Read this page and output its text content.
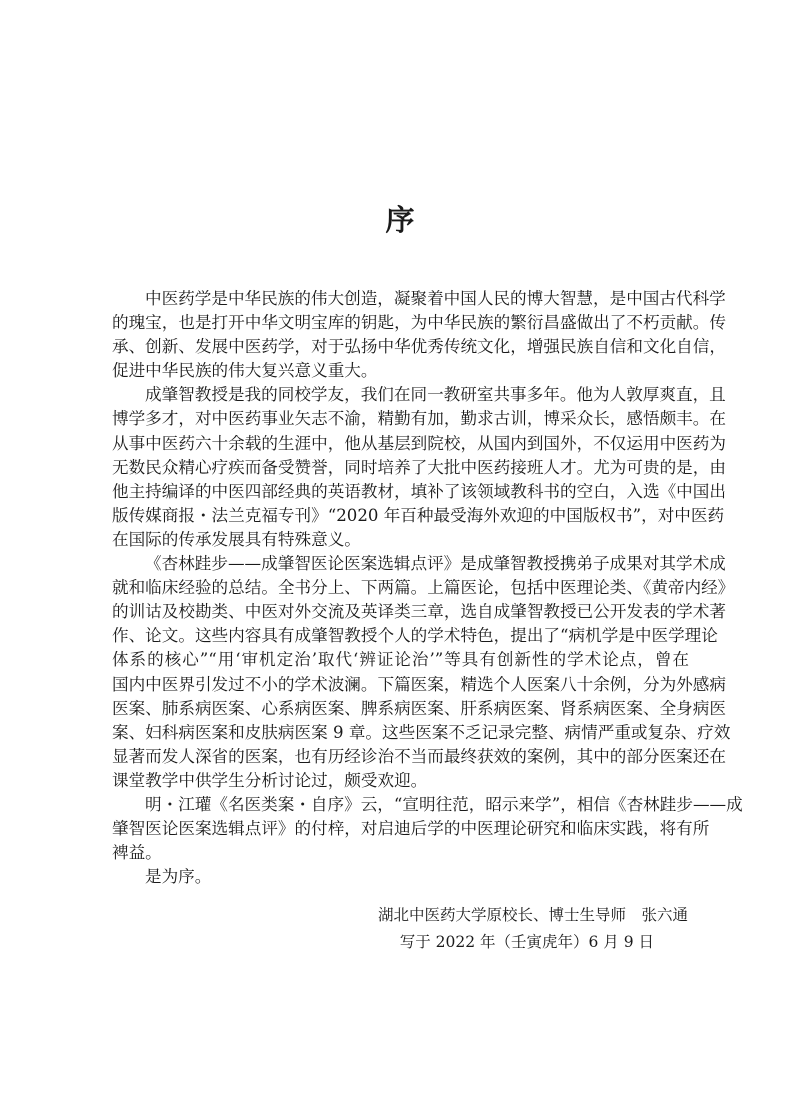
序
中医药学是中华民族的伟大创造，凝聚着中国人民的博大智慧，是中国古代科学
的瑰宝，也是打开中华文明宝库的钥匙，为中华民族的繁衍昌盛做出了不朽贡献。传
承、创新、发展中医药学，对于弘扬中华优秀传统文化，增强民族自信和文化自信，
促进中华民族的伟大复兴意义重大。
成肇智教授是我的同校学友，我们在同一教研室共事多年。他为人敦厚爽直，且
博学多才，对中医药事业矢志不渝，精勤有加，勤求古训，博采众长，感悟颇丰。在
从事中医药六十余载的生涯中，他从基层到院校，从国内到国外，不仅运用中医药为
无数民众精心疗疾而备受赞誉，同时培养了大批中医药接班人才。尤为可贵的是，由
他主持编译的中医四部经典的英语教材，填补了该领域教科书的空白，入选《中国出
版传媒商报・法兰克福专刊》“2020 年百种最受海外欢迎的中国版权书”，对中医药
在国际的传承发展具有特殊意义。
《杏林跬步——成肇智医论医案选辑点评》是成肇智教授携弟子成果对其学术成
就和临床经验的总结。全书分上、下两篇。上篇医论，包括中医理论类、《黄帝内经》
的训诂及校勘类、中医对外交流及英译类三章，选自成肇智教授已公开发表的学术著
作、论文。这些内容具有成肇智教授个人的学术特色，提出了“病机学是中医学理论
体系的核心”“用‘审机定治’取代‘辨证论治’”等具有创新性的学术论点，曾在
国内中医界引发过不小的学术波澜。下篇医案，精选个人医案八十余例，分为外感病
医案、肺系病医案、心系病医案、脾系病医案、肝系病医案、肾系病医案、全身病医
案、妇科病医案和皮肤病医案 9 章。这些医案不乏记录完整、病情严重或复杂、疗效
显著而发人深省的医案，也有历经诊治不当而最终获效的案例，其中的部分医案还在
课堂教学中供学生分析讨论过，颇受欢迎。
明・江瓘《名医类案・自序》云，“宣明往范，昭示来学”，相信《杏林跬步——成
肇智医论医案选辑点评》的付梓，对启迪后学的中医理论研究和临床实践，将有所
裨益。
是为序。
湖北中医药大学原校长、博士生导师　张六通
写于 2022 年（壬寅虎年）6 月 9 日
